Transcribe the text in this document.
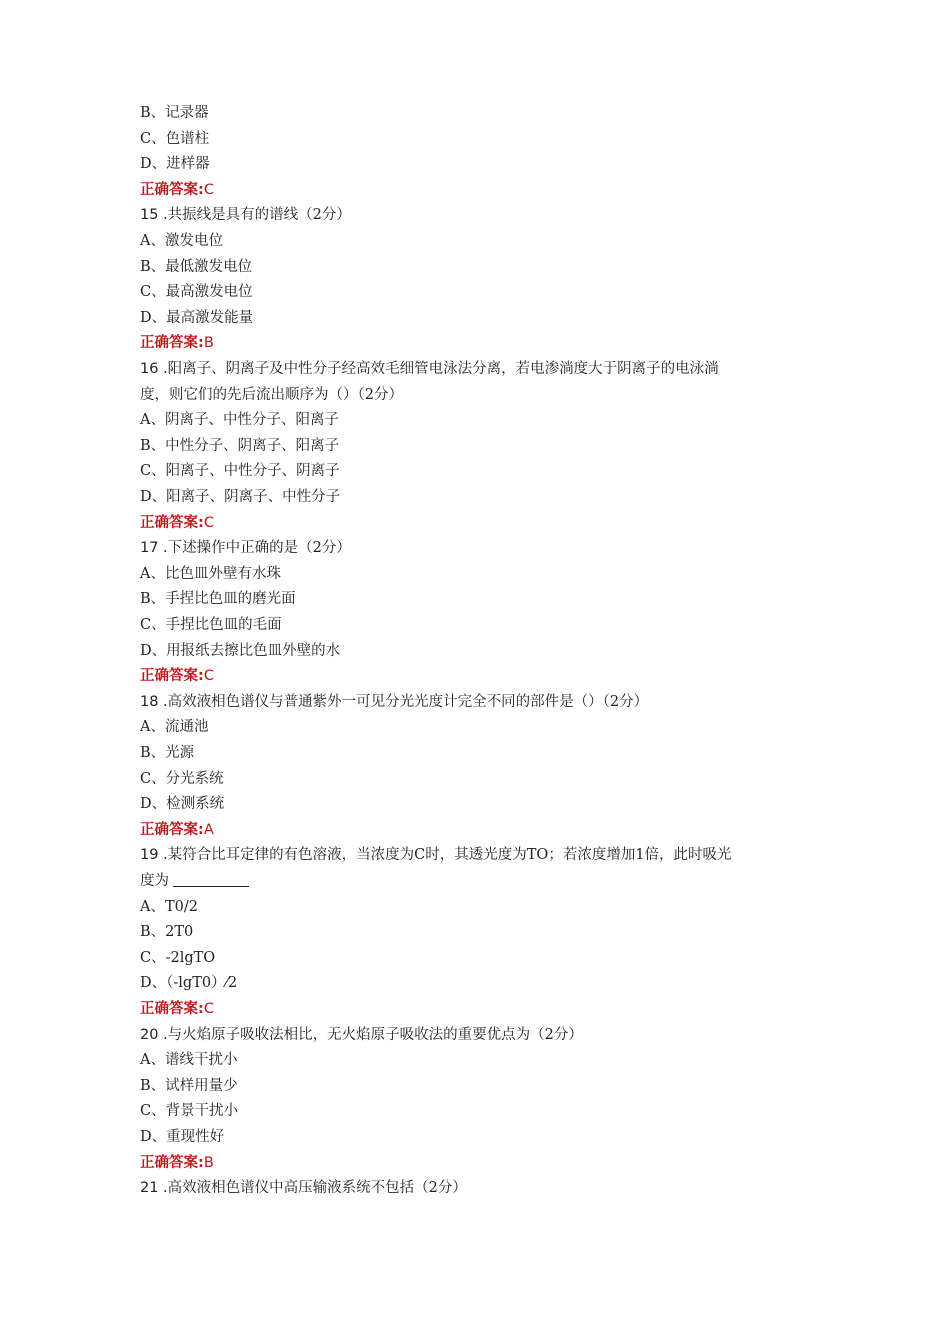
B、记录器
C、色谱柱
D、进样器
正确答案:C
15 .共振线是具有的谱线（2分）
A、激发电位
B、最低激发电位
C、最高激发电位
D、最高激发能量
正确答案:B
16 .阳离子、阴离子及中性分子经高效毛细管电泳法分离，若电渗淌度大于阴离子的电泳淌
度，则它们的先后流出顺序为（）（2分）
A、阴离子、中性分子、阳离子
B、中性分子、阴离子、阳离子
C、阳离子、中性分子、阴离子
D、阳离子、阴离子、中性分子
正确答案:C
17 .下述操作中正确的是（2分）
A、比色皿外壁有水珠
B、手捏比色皿的磨光面
C、手捏比色皿的毛面
D、用报纸去擦比色皿外壁的水
正确答案:C
18 .高效液相色谱仪与普通紫外一可见分光光度计完全不同的部件是（）（2分）
A、流通池
B、光源
C、分光系统
D、检测系统
正确答案:A
19 .某符合比耳定律的有色溶液，当浓度为C时，其透光度为TO；若浓度增加1倍，此时吸光
度为
A、T0/2
B、2T0
C、-2lgTO
D、（-lgT0）⁄2
正确答案:C
20 .与火焰原子吸收法相比，无火焰原子吸收法的重要优点为（2分）
A、谱线干扰小
B、试样用量少
C、背景干扰小
D、重现性好
正确答案:B
21 .高效液相色谱仪中高压输液系统不包括（2分）
